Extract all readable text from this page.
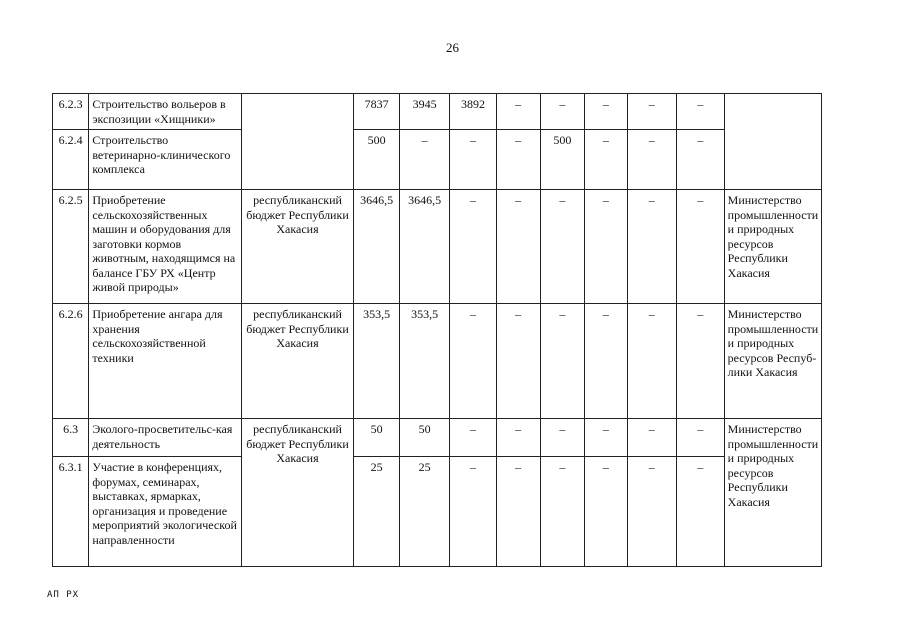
26
6.2.3	Строительство вольеров в экспозиции «Хищники»		7837	3945	3892	–	–	–	–	–	
6.2.4	Строительство ветеринарно-клинического комплекса		500	–	–	–	500	–	–	–	
6.2.5	Приобретение сельскохозяйственных машин и оборудования для заготовки кормов животным, находящимся на балансе ГБУ РХ «Центр живой природы»	республиканский бюджет Республики Хакасия	3646,5	3646,5	–	–	–	–	–	–	Министерство промышленности и природных ресурсов Республики Хакасия
6.2.6	Приобретение ангара для хранения сельскохозяйственной техники	республиканский бюджет Республики Хакасия	353,5	353,5	–	–	–	–	–	–	Министерство промышленности и природных ресурсов Респуб-лики Хакасия
6.3	Эколого-просветительс-кая деятельность	республиканский бюджет Республики Хакасия	50	50	–	–	–	–	–	–	Министерство промышленности и природных ресурсов Республики Хакасия
6.3.1	Участие в конференциях, форумах, семинарах, выставках, ярмарках, организация и проведение мероприятий экологической направленности		25	25	–	–	–	–	–	–	
АП РХ
